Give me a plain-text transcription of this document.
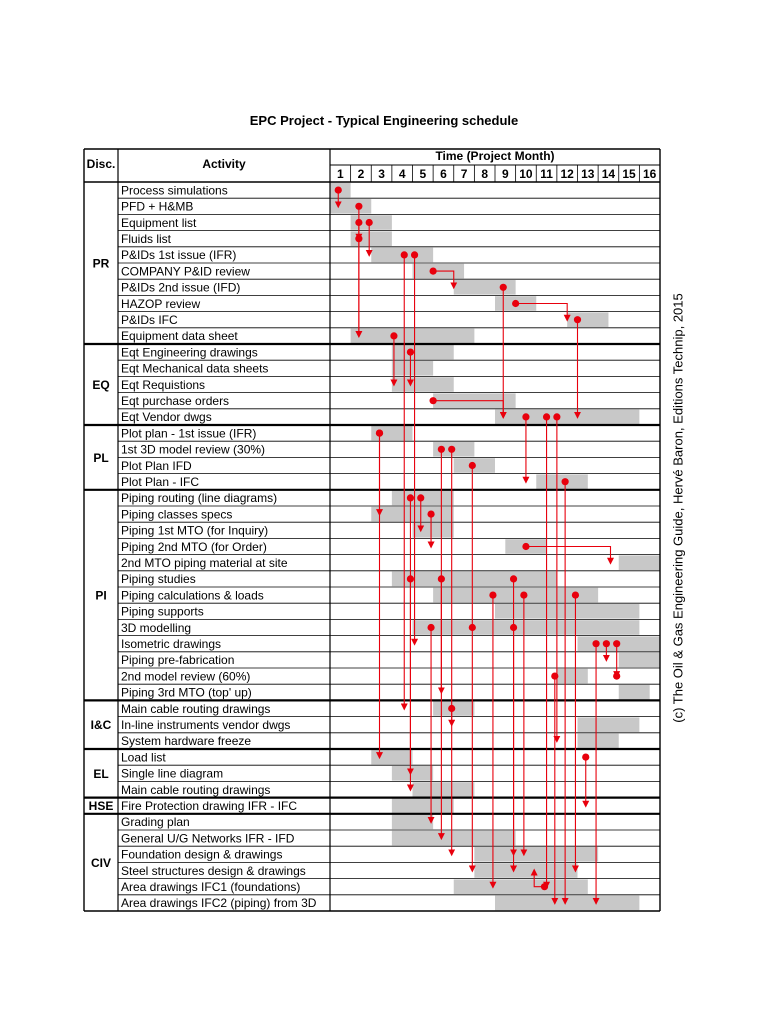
EPC Project - Typical Engineering schedule
Disc.	Activity
Time (Project Month)
1 2 3 4 5 6 7 8 9 10 11 12 13 14 15 16
Process simulations
PFD + H&MB
Equipment list
Fluids list
P&IDs 1st issue (IFR)
COMPANY P&ID review
P&IDs 2nd issue (IFD)
HAZOP review
P&IDs IFC
Equipment data sheet
Eqt Engineering drawings
Eqt Mechanical data sheets
Eqt Requistions
Eqt purchase orders
Eqt Vendor dwgs
Plot plan - 1st issue (IFR)
1st 3D model review (30%)
Plot Plan IFD
Plot Plan - IFC
Piping routing (line diagrams)
Piping classes specs
Piping 1st MTO (for Inquiry)
Piping 2nd MTO (for Order)
2nd MTO piping material at site
Piping studies
Piping calculations & loads
Piping supports
3D modelling
Isometric drawings
Piping pre-fabrication
2nd model review (60%)
Piping 3rd MTO (top' up)
Main cable routing drawings
In-line instruments vendor dwgs
System hardware freeze
Load list
Single line diagram
Main cable routing drawings
Fire Protection drawing IFR - IFC
Grading plan
General U/G Networks IFR - IFD
Foundation design & drawings
Steel structures design & drawings
Area drawings IFC1 (foundations)
Area drawings IFC2 (piping) from 3D
PR
EQ
PL
PI
I&C
EL
HSE
CIV
(c) The Oil & Gas Engineering Guide, Hervé Baron, Editions Technip, 2015
